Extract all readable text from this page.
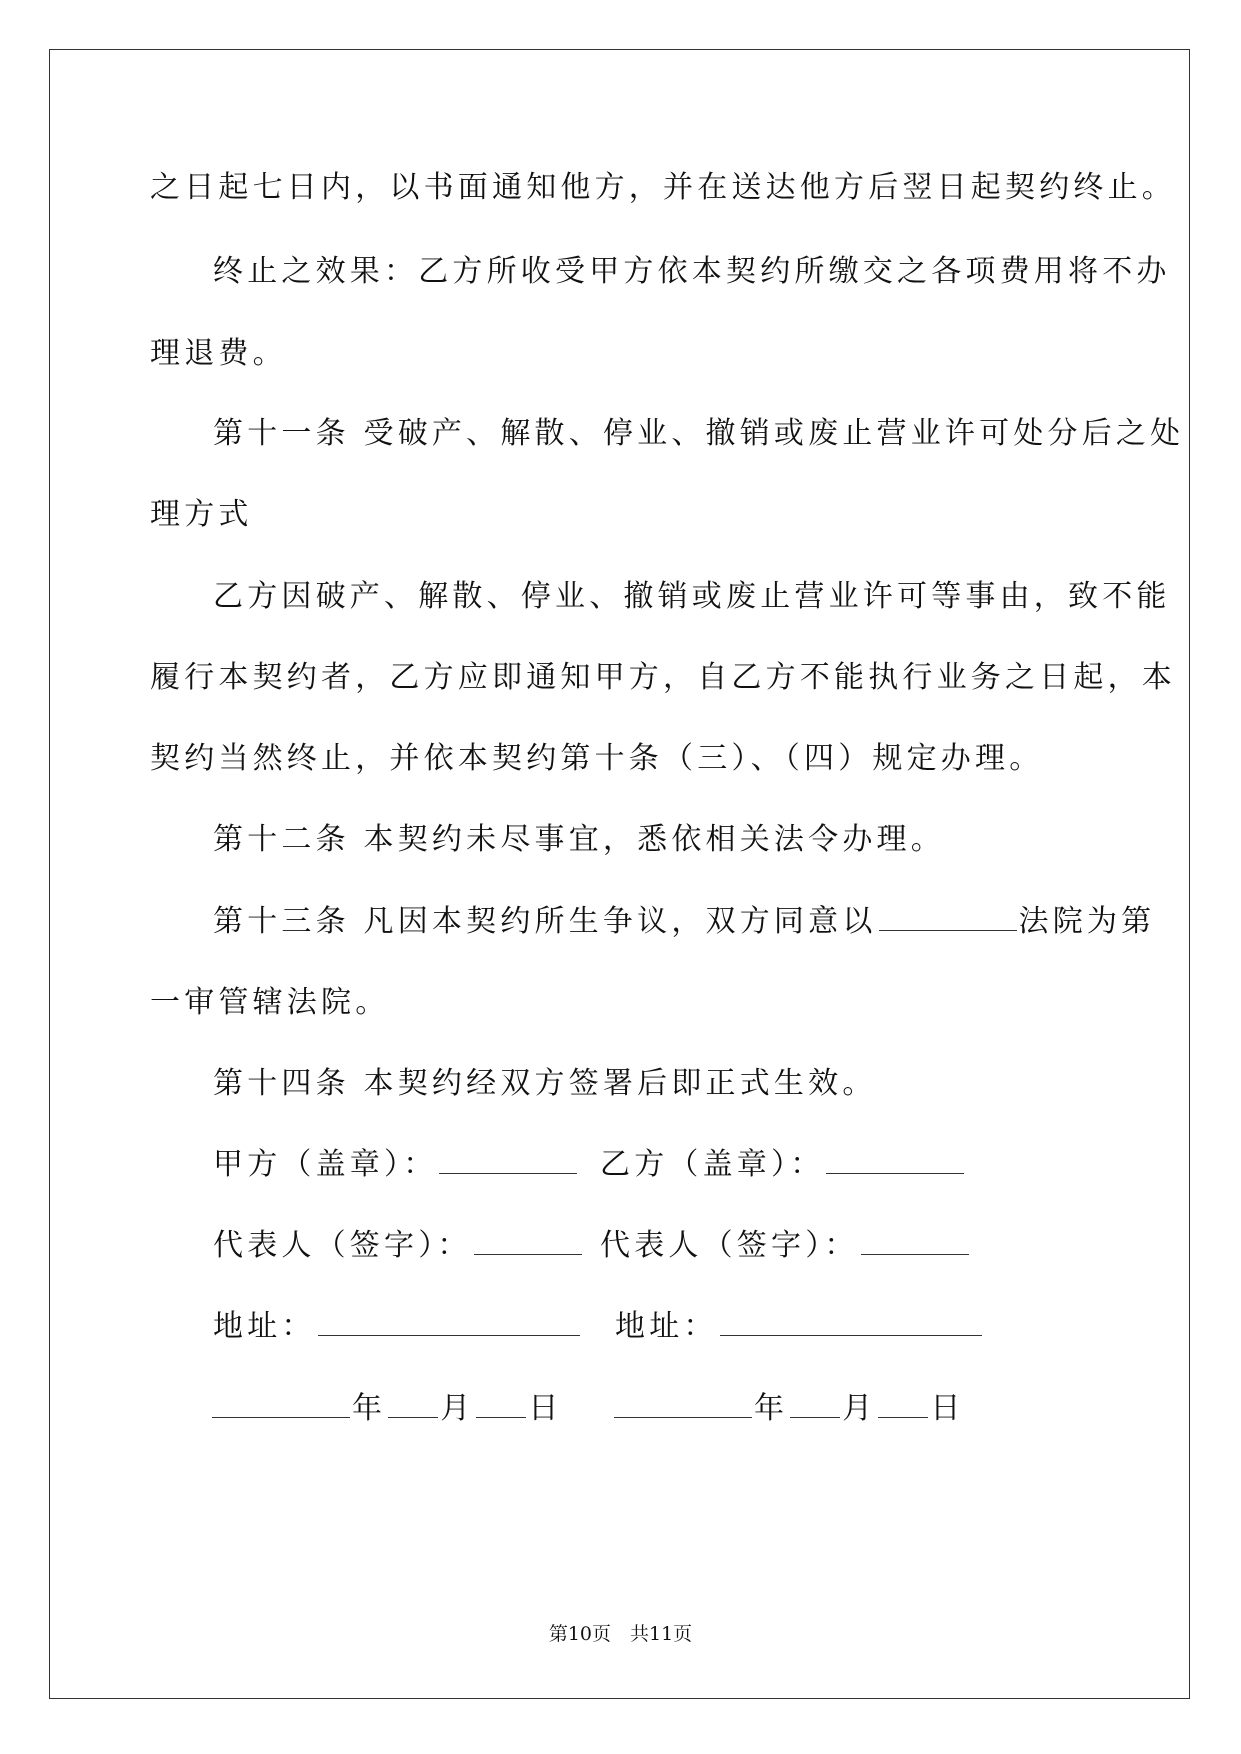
之日起七日内，以书面通知他方，并在送达他方后翌日起契约终止。
终止之效果：乙方所收受甲方依本契约所缴交之各项费用将不办
理退费。
第十一条 受破产、解散、停业、撤销或废止营业许可处分后之处
理方式
乙方因破产、解散、停业、撤销或废止营业许可等事由，致不能
履行本契约者，乙方应即通知甲方，自乙方不能执行业务之日起，本
契约当然终止，并依本契约第十条（三）、（四）规定办理。
第十二条 本契约未尽事宜，悉依相关法令办理。
第十三条 凡因本契约所生争议，双方同意以	法院为第
一审管辖法院。
第十四条 本契约经双方签署后即正式生效。
甲方（盖章）：	乙方（盖章）：
代表人（签字）：	代表人（签字）：
地址：	地址：
年 月 日	年 月 日
第10页　共11页
